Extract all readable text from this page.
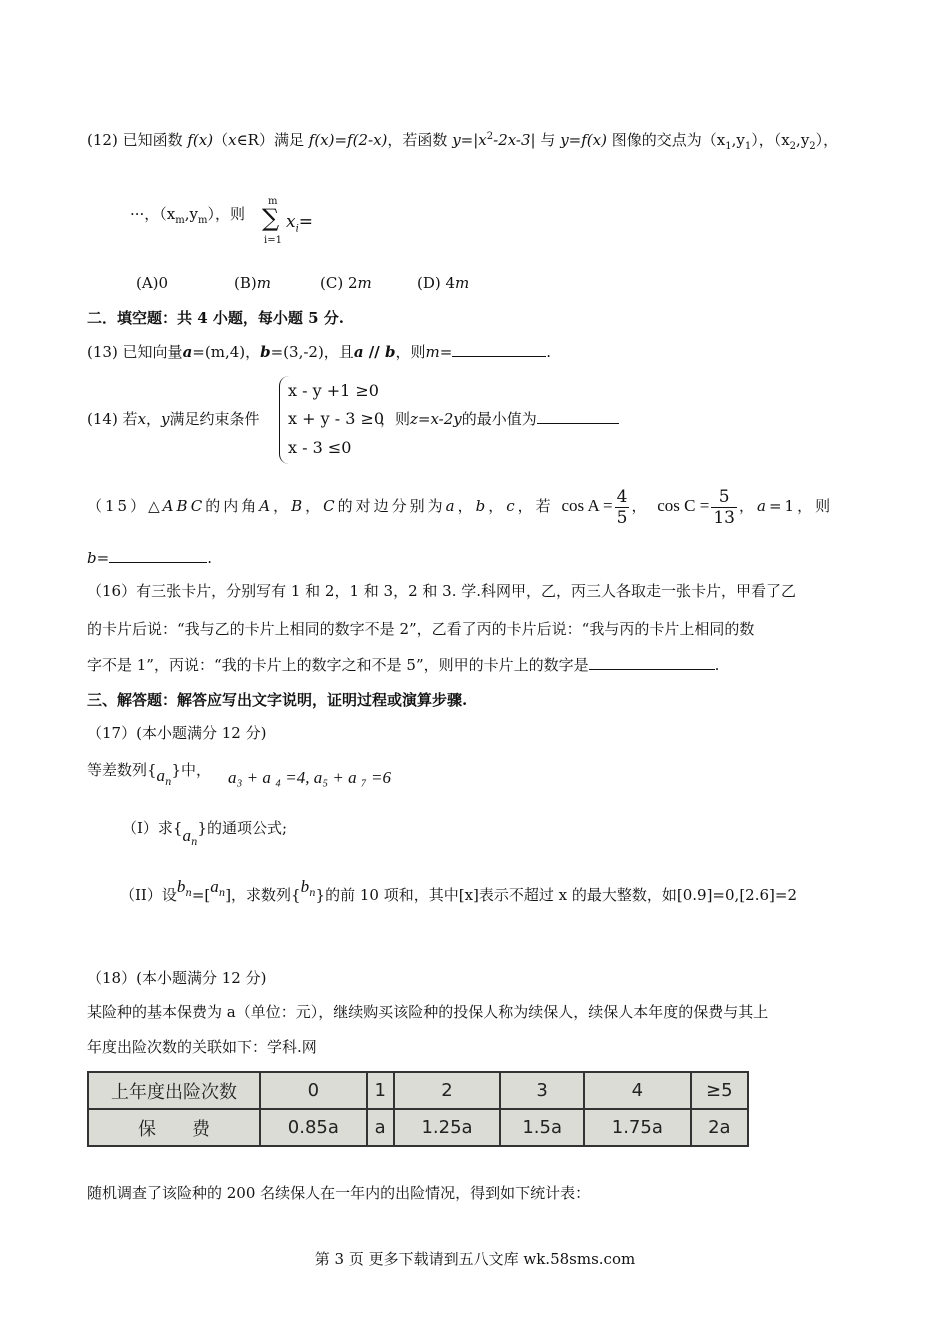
(12) 已知函数 f(x)（x∈R）满足 f(x)=f(2-x)，若函数 $y=|x^2-2x-3|$ 与 y=f(x) 图像的交点为$(x_1,y_1)$，$(x_2,y_2)$，
···，$(x_m,y_m)$，则
m
∑
i=1
$x_i=$
(A)0	(B)m	(C) 2m	(D) 4m
二．填空题：共 4 小题，每小题 5 分.
(13) 已知向量a=(m,4)，b=(3,-2)，且a // b，则m=	.
(14) 若x，y满足约束条件
x - y +1 ≥0
x + y - 3 ≥0
x - 3 ≤0
，则z=x-2y的最小值为
（15）△ABC的内角A，B，C的对边分别为a，b，c，若 $\cos A = \frac{4}{5}$ ， $\cos C = \frac{5}{13}$ ，a=1，则
b=	.
（16）有三张卡片，分别写有 1 和 2，1 和 3，2 和 3. 学.科网甲，乙，丙三人各取走一张卡片，甲看了乙
的卡片后说：“我与乙的卡片上相同的数字不是 2”，乙看了丙的卡片后说：“我与丙的卡片上相同的数
字不是 1”，丙说：“我的卡片上的数字之和不是 5”，则甲的卡片上的数字是	.
三、解答题：解答应写出文字说明，证明过程或演算步骤.
（17）(本小题满分 12 分)
等差数列$\{a_n\}$中， a₃ + a ₄ =4, a₅ + a ₇ =6
（I）求$\{a_n\}$的通项公式;
（II）设$b_n=[a_n]$，求数列$\{b_n\}$的前 10 项和，其中[x]表示不超过 x 的最大整数，如[0.9]=0,[2.6]=2
（18）(本小题满分 12 分)
某险种的基本保费为 a（单位：元），继续购买该险种的投保人称为续保人，续保人本年度的保费与其上
年度出险次数的关联如下：学科.网
上年度出险次数	0	1	2	3	4	≥5
保　　费	0.85a	a	1.25a	1.5a	1.75a	2a
随机调查了该险种的 200 名续保人在一年内的出险情况，得到如下统计表：
第 3 页 更多下载请到五八文库 wk.58sms.com
